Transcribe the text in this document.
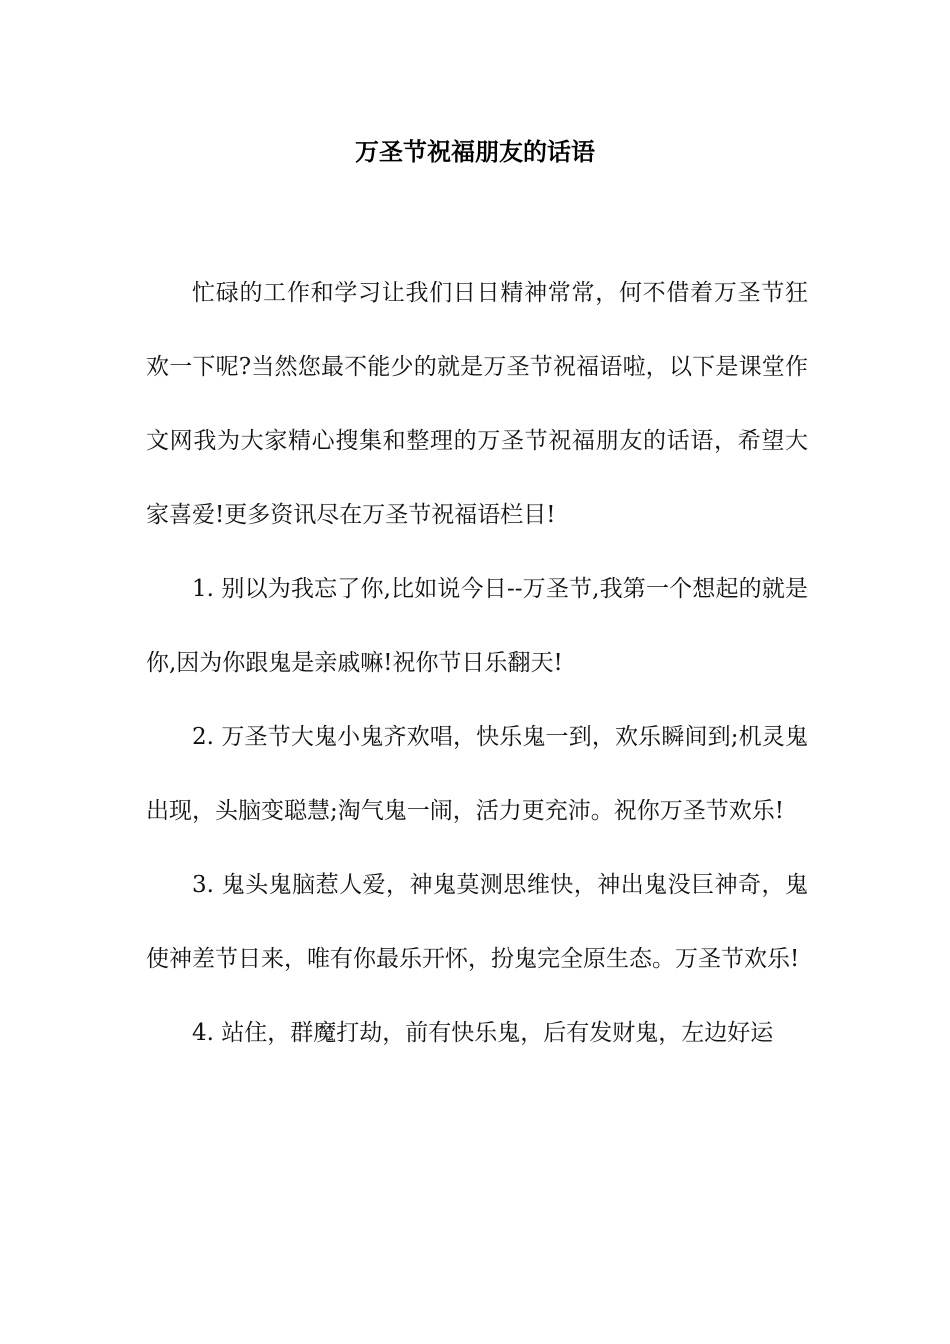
万圣节祝福朋友的话语

忙碌的工作和学习让我们日日精神常常，何不借着万圣节狂欢一下呢?当然您最不能少的就是万圣节祝福语啦，以下是课堂作文网我为大家精心搜集和整理的万圣节祝福朋友的话语，希望大家喜爱!更多资讯尽在万圣节祝福语栏目!

1. 别以为我忘了你,比如说今日--万圣节,我第一个想起的就是你,因为你跟鬼是亲戚嘛!祝你节日乐翻天!

2. 万圣节大鬼小鬼齐欢唱，快乐鬼一到，欢乐瞬间到;机灵鬼出现，头脑变聪慧;淘气鬼一闹，活力更充沛。祝你万圣节欢乐!

3. 鬼头鬼脑惹人爱，神鬼莫测思维快，神出鬼没巨神奇，鬼使神差节日来，唯有你最乐开怀，扮鬼完全原生态。万圣节欢乐!

4. 站住，群魔打劫，前有快乐鬼，后有发财鬼，左边好运
